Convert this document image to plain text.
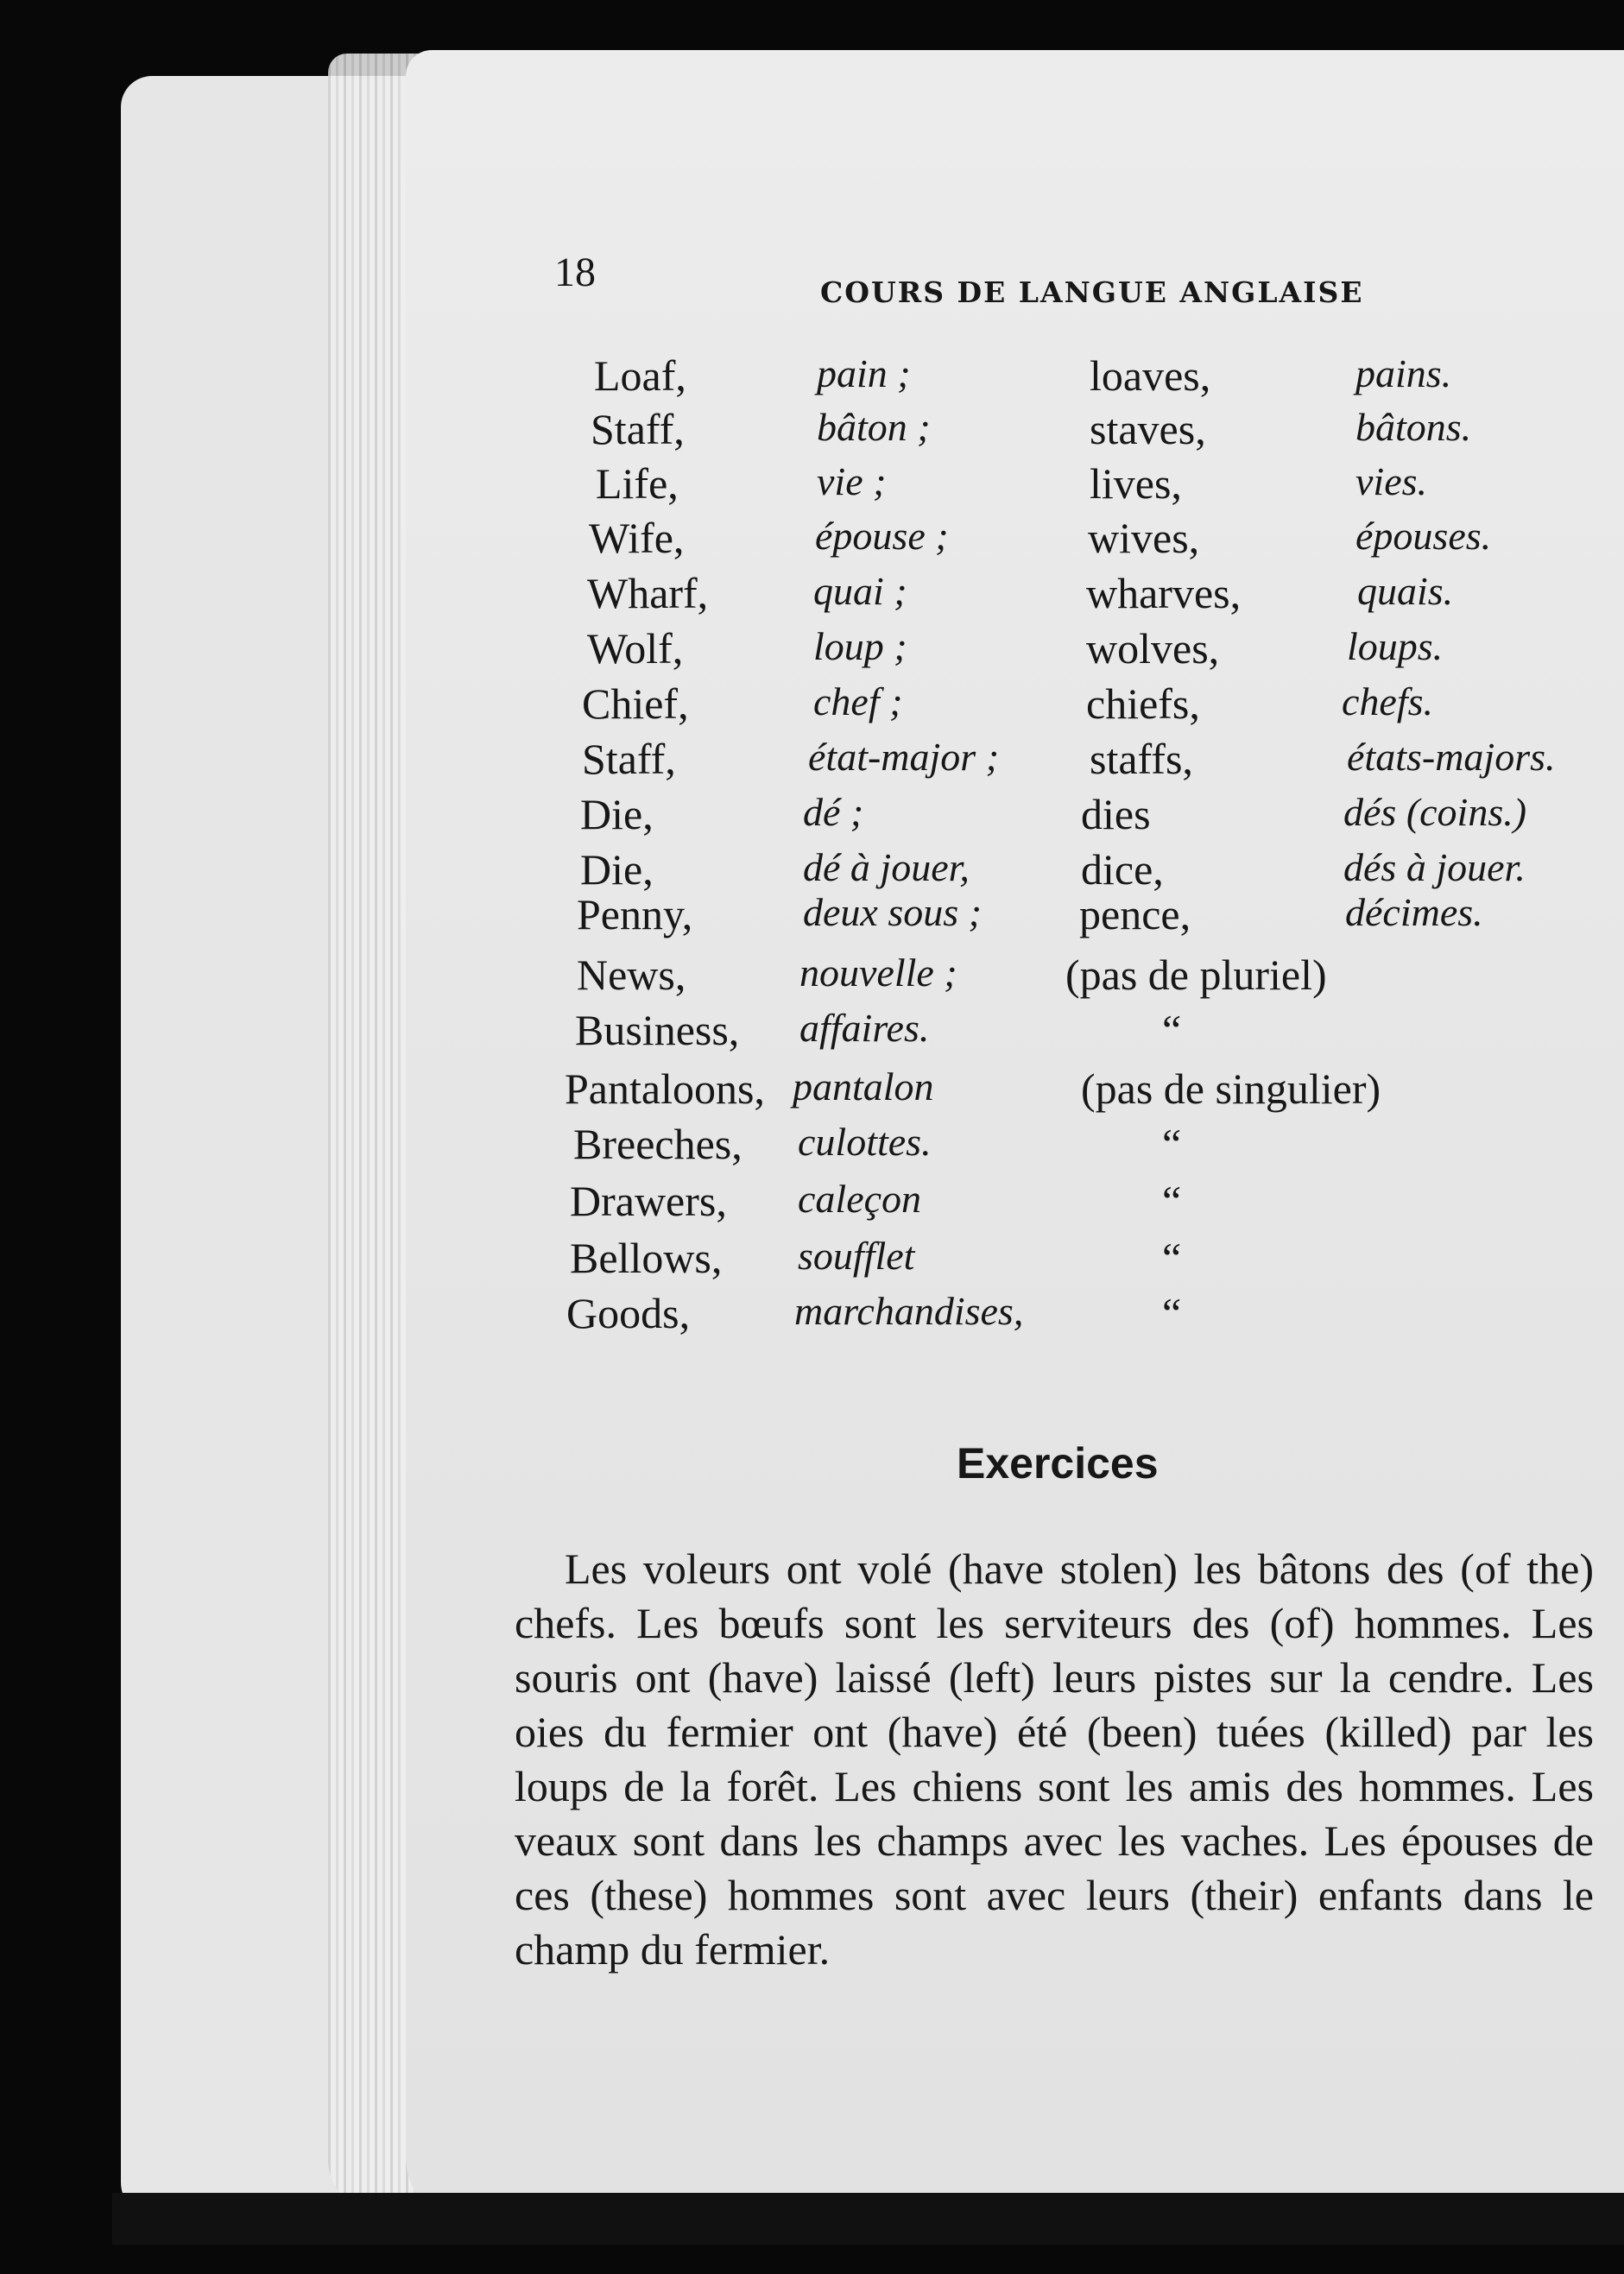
18	COURS DE LANGUE ANGLAISE
Loaf,	pain ;	loaves,	pains.
Staff,	bâton ;	staves,	bâtons.
Life,	vie ;	lives,	vies.
Wife,	épouse ;	wives,	épouses.
Wharf,	quai ;	wharves,	quais.
Wolf,	loup ;	wolves,	loups.
Chief,	chef ;	chiefs,	chefs.
Staff,	état-major ; staffs,	états-majors.
Die,	dé ;	dies	dés (coins.)
Die,	dé à jouer,	dice,	dés à jouer.
Penny,	deux sous ; pence,	décimes.
News,	nouvelle ;	(pas de pluriel)
Business, affaires.	“
Pantaloons, pantalon	(pas de singulier)
Breeches, culottes.	“
Drawers, caleçon	“
Bellows, soufflet	“
Goods,	marchandises,	“
Exercices
Les voleurs ont volé (have stolen) les bâtons des (of the) chefs. Les bœufs sont les serviteurs des (of) hommes. Les souris ont (have) laissé (left) leurs pistes sur la cendre. Les oies du fermier ont (have) été (been) tuées (killed) par les loups de la forêt. Les chiens sont les amis des hommes. Les veaux sont dans les champs avec les vaches. Les épouses de ces (these) hommes sont avec leurs (their) enfants dans le champ du fermier.
